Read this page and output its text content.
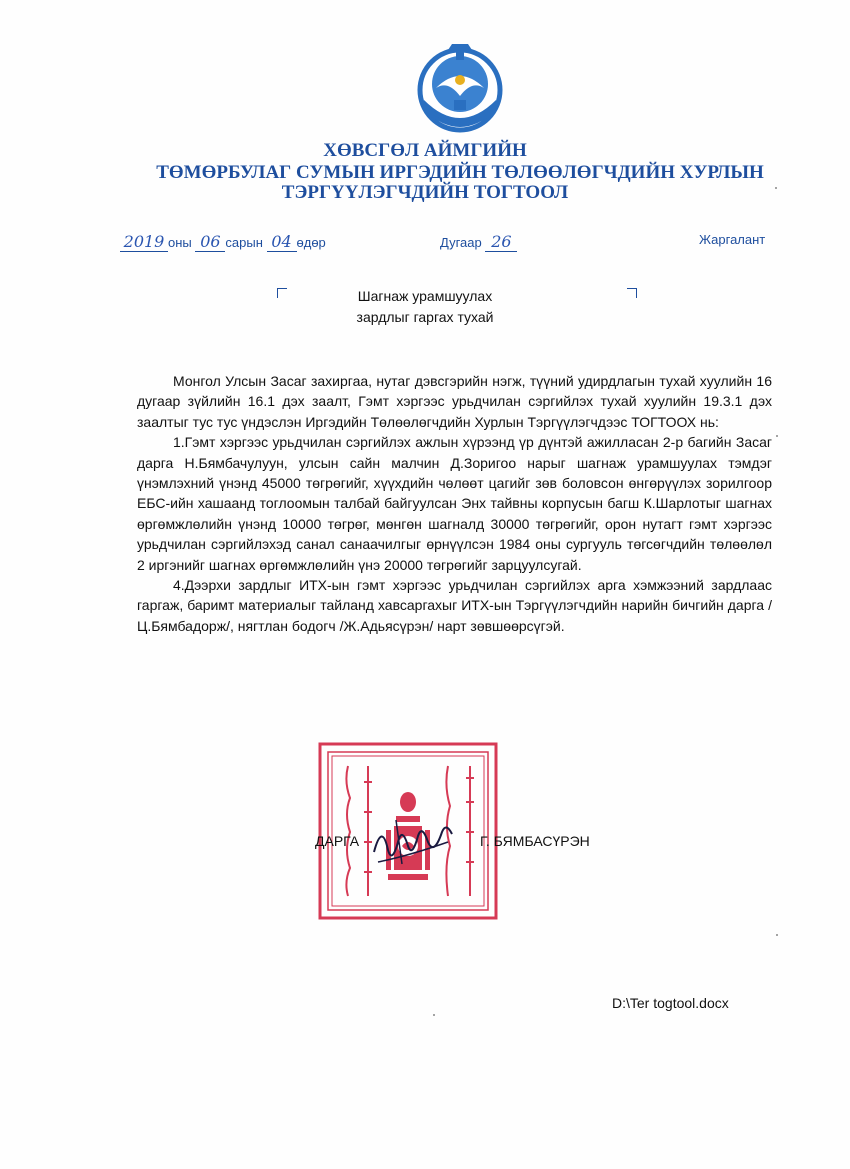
ХӨВСГӨЛ АЙМГИЙН
ТӨМӨРБУЛАГ СУМЫН ИРГЭДИЙН ТӨЛӨӨЛӨГЧДИЙН ХУРЛЫН
ТЭРГҮҮЛЭГЧДИЙН ТОГТООЛ
2019 оны 06 сарын 04 өдөр	Дугаар 26	Жаргалант
Шагнаж урамшуулах
зардлыг гаргах тухай

Монгол Улсын Засаг захиргаа, нутаг дэвсгэрийн нэгж, түүний удирдлагын тухай хуулийн 16 дугаар зүйлийн 16.1 дэх заалт, Гэмт хэргээс урьдчилан сэргийлэх тухай хуулийн 19.3.1 дэх заалтыг тус тус үндэслэн Иргэдийн Төлөөлөгчдийн Хурлын Тэргүүлэгчдээс ТОГТООХ нь:

1.Гэмт хэргээс урьдчилан сэргийлэх ажлын хүрээнд үр дүнтэй ажилласан 2-р багийн Засаг дарга Н.Бямбачулуун, улсын сайн малчин Д.Зоригоо нарыг шагнаж урамшуулах тэмдэг үнэмлэхний үнэнд 45000 төгрөгийг, хүүхдийн чөлөөт цагийг зөв боловсон өнгөрүүлэх зорилгоор ЕБС-ийн хашаанд тоглоомын талбай байгуулсан Энх тайвны корпусын багш К.Шарлотыг шагнах өргөмжлөлийн үнэнд 10000 төгрөг, мөнгөн шагналд 30000 төгрөгийг, орон нутагт гэмт хэргээс урьдчилан сэргийлэхэд санал санаачилгыг өрнүүлсэн 1984 оны сургууль төгсөгчдийн төлөөлөл 2 иргэнийг шагнах өргөмжлөлийн үнэ 20000 төгрөгийг зарцуулсугай.

4.Дээрхи зардлыг ИТХ-ын гэмт хэргээс урьдчилан сэргийлэх арга хэмжээний зардлаас гаргаж, баримт материалыг тайланд хавсаргахыг ИТХ-ын Тэргүүлэгчдийн нарийн бичгийн дарга /Ц.Бямбадорж/, нягтлан бодогч /Ж.Адьясүрэн/ нарт зөвшөөрсүгэй.

ДАРГА	Г. БЯМБАСҮРЭН
D:\Ter togtool.docx
